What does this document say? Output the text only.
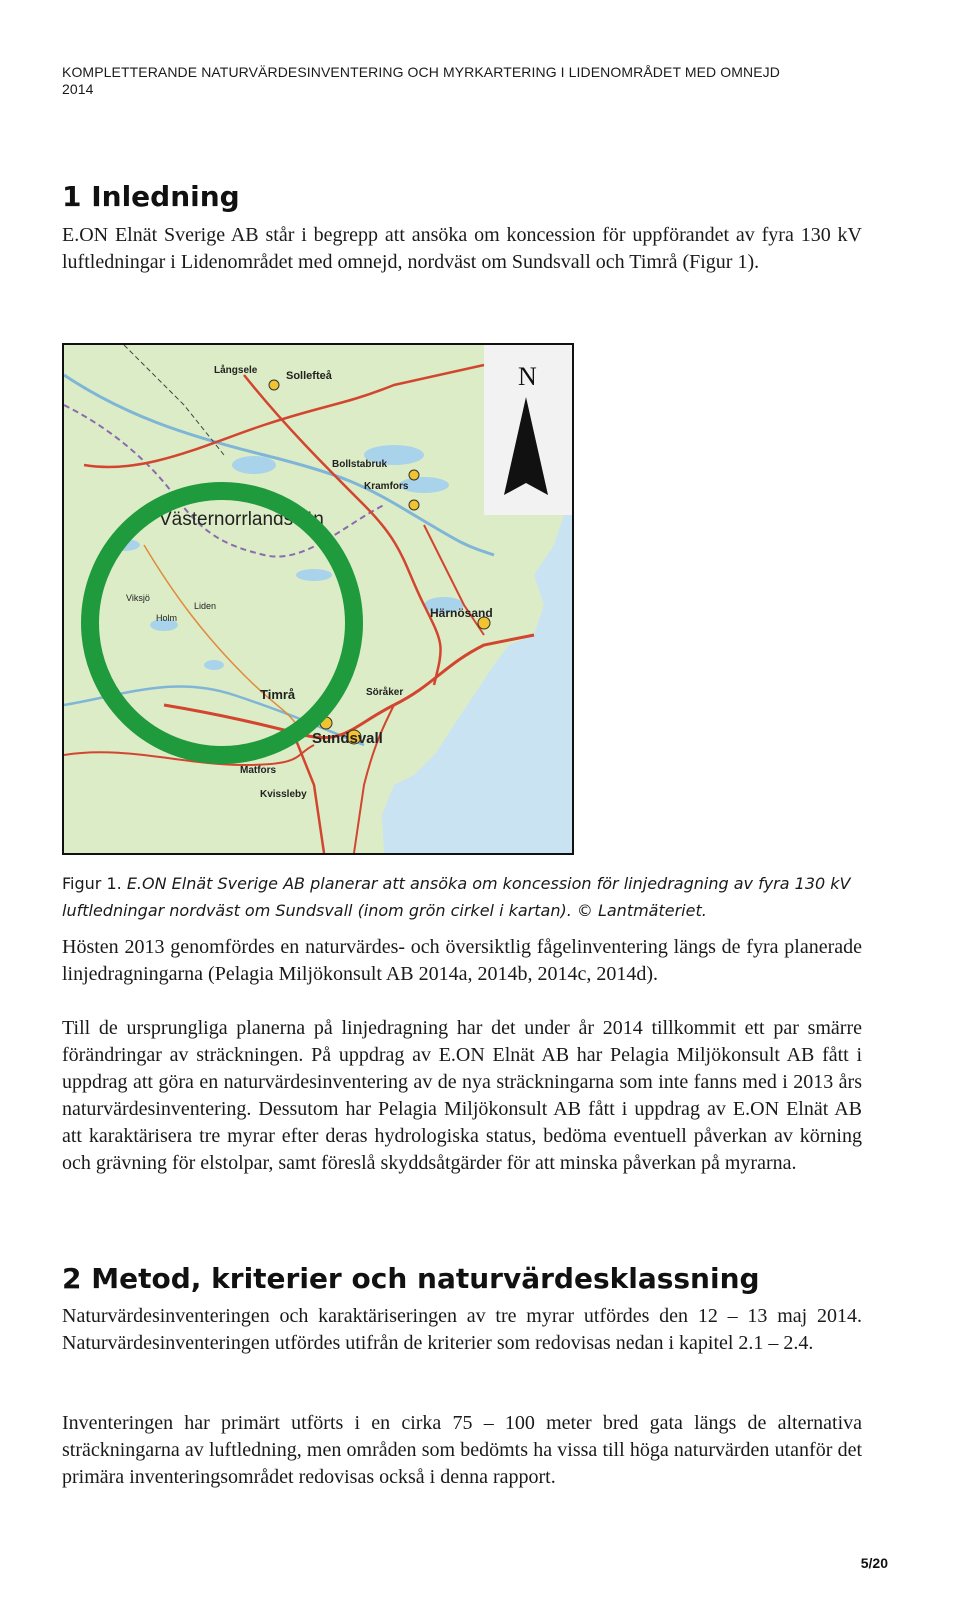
KOMPLETTERANDE NATURVÄRDESINVENTERING OCH MYRKARTERING I LIDENOMRÅDET MED OMNEJD
2014
1 Inledning

E.ON Elnät Sverige AB står i begrepp att ansöka om koncession för uppförandet av fyra 130 kV luftledningar i Lidenområdet med omnejd, nordväst om Sundsvall och Timrå (Figur 1).

Västernorrlands län
Sollefteå
Långsele
Bollstabruk
Kramfors
Härnösand
Timrå
Sundsvall
Söråker
Matfors
Kvissleby
Liden
Holm
Viksjö
N
Figur 1. E.ON Elnät Sverige AB planerar att ansöka om koncession för linjedragning av fyra 130 kV luftledningar nordväst om Sundsvall (inom grön cirkel i kartan). © Lantmäteriet.

Hösten 2013 genomfördes en naturvärdes- och översiktlig fågelinventering längs de fyra planerade linjedragningarna (Pelagia Miljökonsult AB 2014a, 2014b, 2014c, 2014d).

Till de ursprungliga planerna på linjedragning har det under år 2014 tillkommit ett par smärre förändringar av sträckningen. På uppdrag av E.ON Elnät AB har Pelagia Miljökonsult AB fått i uppdrag att göra en naturvärdesinventering av de nya sträckningarna som inte fanns med i 2013 års naturvärdesinventering. Dessutom har Pelagia Miljökonsult AB fått i uppdrag av E.ON Elnät AB att karaktärisera tre myrar efter deras hydrologiska status, bedöma eventuell påverkan av körning och grävning för elstolpar, samt föreslå skyddsåtgärder för att minska påverkan på myrarna.

2 Metod, kriterier och naturvärdesklassning

Naturvärdesinventeringen och karaktäriseringen av tre myrar utfördes den 12 – 13 maj 2014. Naturvärdesinventeringen utfördes utifrån de kriterier som redovisas nedan i kapitel 2.1 – 2.4.

Inventeringen har primärt utförts i en cirka 75 – 100 meter bred gata längs de alternativa sträckningarna av luftledning, men områden som bedömts ha vissa till höga naturvärden utanför det primära inventeringsområdet redovisas också i denna rapport.

5/20
